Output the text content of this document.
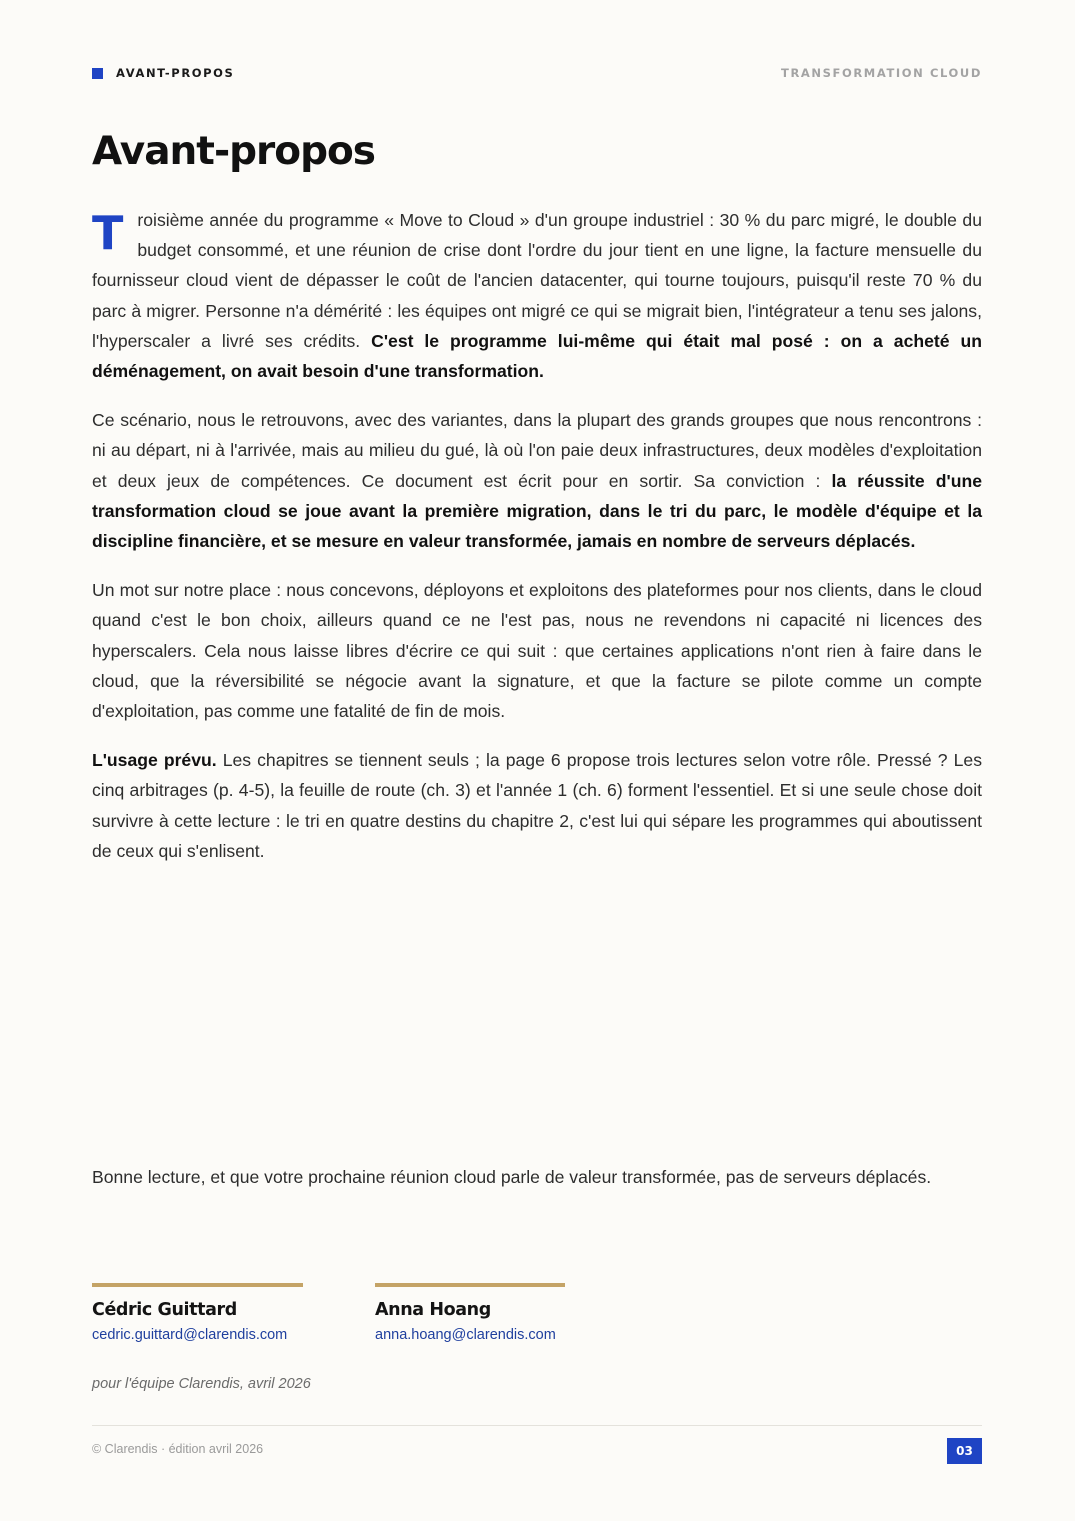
AVANT-PROPOS	TRANSFORMATION CLOUD
Avant-propos

Troisième année du programme « Move to Cloud » d'un groupe industriel : 30 % du parc migré, le double du budget consommé, et une réunion de crise dont l'ordre du jour tient en une ligne, la facture mensuelle du fournisseur cloud vient de dépasser le coût de l'ancien datacenter, qui tourne toujours, puisqu'il reste 70 % du parc à migrer. Personne n'a démérité : les équipes ont migré ce qui se migrait bien, l'intégrateur a tenu ses jalons, l'hyperscaler a livré ses crédits. C'est le programme lui-même qui était mal posé : on a acheté un déménagement, on avait besoin d'une transformation.

Ce scénario, nous le retrouvons, avec des variantes, dans la plupart des grands groupes que nous rencontrons : ni au départ, ni à l'arrivée, mais au milieu du gué, là où l'on paie deux infrastructures, deux modèles d'exploitation et deux jeux de compétences. Ce document est écrit pour en sortir. Sa conviction : la réussite d'une transformation cloud se joue avant la première migration, dans le tri du parc, le modèle d'équipe et la discipline financière, et se mesure en valeur transformée, jamais en nombre de serveurs déplacés.

Un mot sur notre place : nous concevons, déployons et exploitons des plateformes pour nos clients, dans le cloud quand c'est le bon choix, ailleurs quand ce ne l'est pas, nous ne revendons ni capacité ni licences des hyperscalers. Cela nous laisse libres d'écrire ce qui suit : que certaines applications n'ont rien à faire dans le cloud, que la réversibilité se négocie avant la signature, et que la facture se pilote comme un compte d'exploitation, pas comme une fatalité de fin de mois.

L'usage prévu. Les chapitres se tiennent seuls ; la page 6 propose trois lectures selon votre rôle. Pressé ? Les cinq arbitrages (p. 4-5), la feuille de route (ch. 3) et l'année 1 (ch. 6) forment l'essentiel. Et si une seule chose doit survivre à cette lecture : le tri en quatre destins du chapitre 2, c'est lui qui sépare les programmes qui aboutissent de ceux qui s'enlisent.

Bonne lecture, et que votre prochaine réunion cloud parle de valeur transformée, pas de serveurs déplacés.

Cédric Guittard
cedric.guittard@clarendis.com
Anna Hoang
anna.hoang@clarendis.com
pour l'équipe Clarendis, avril 2026
© Clarendis · édition avril 2026	03
